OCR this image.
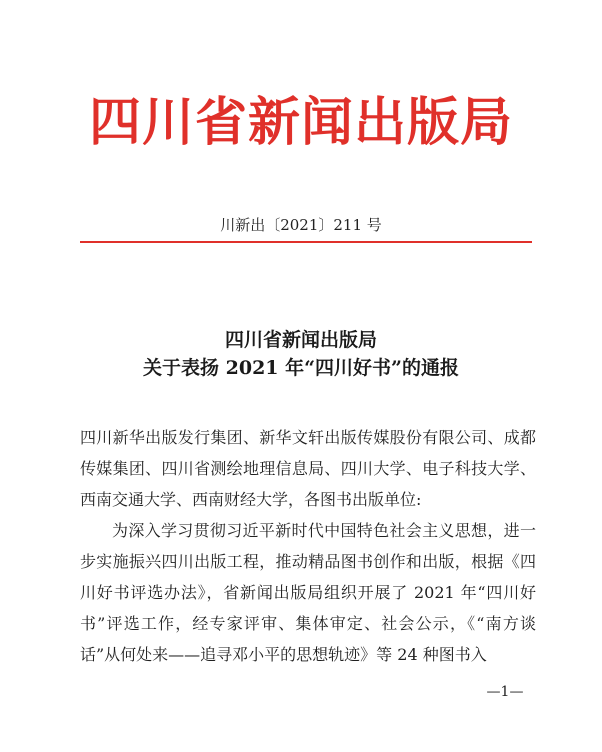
四川省新闻出版局
川新出〔2021〕211 号
四川省新闻出版局
关于表扬 2021 年“四川好书”的通报

四川新华出版发行集团、新华文轩出版传媒股份有限公司、成都传媒集团、四川省测绘地理信息局、四川大学、电子科技大学、西南交通大学、西南财经大学，各图书出版单位:

为深入学习贯彻习近平新时代中国特色社会主义思想，进一步实施振兴四川出版工程，推动精品图书创作和出版，根据《四川好书评选办法》，省新闻出版局组织开展了 2021 年“四川好书”评选工作，经专家评审、集体审定、社会公示，《“南方谈话”从何处来——追寻邓小平的思想轨迹》等 24 种图书入

—1—
